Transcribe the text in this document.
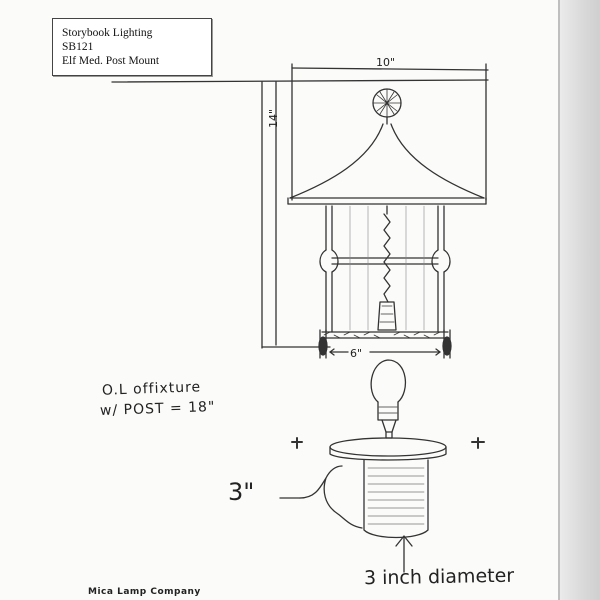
Storybook Lighting
SB121
Elf Med. Post Mount	10"
14"
6"
O.L offixture
w/ POST = 18"
3"
3 inch diameter
Mica Lamp Company
